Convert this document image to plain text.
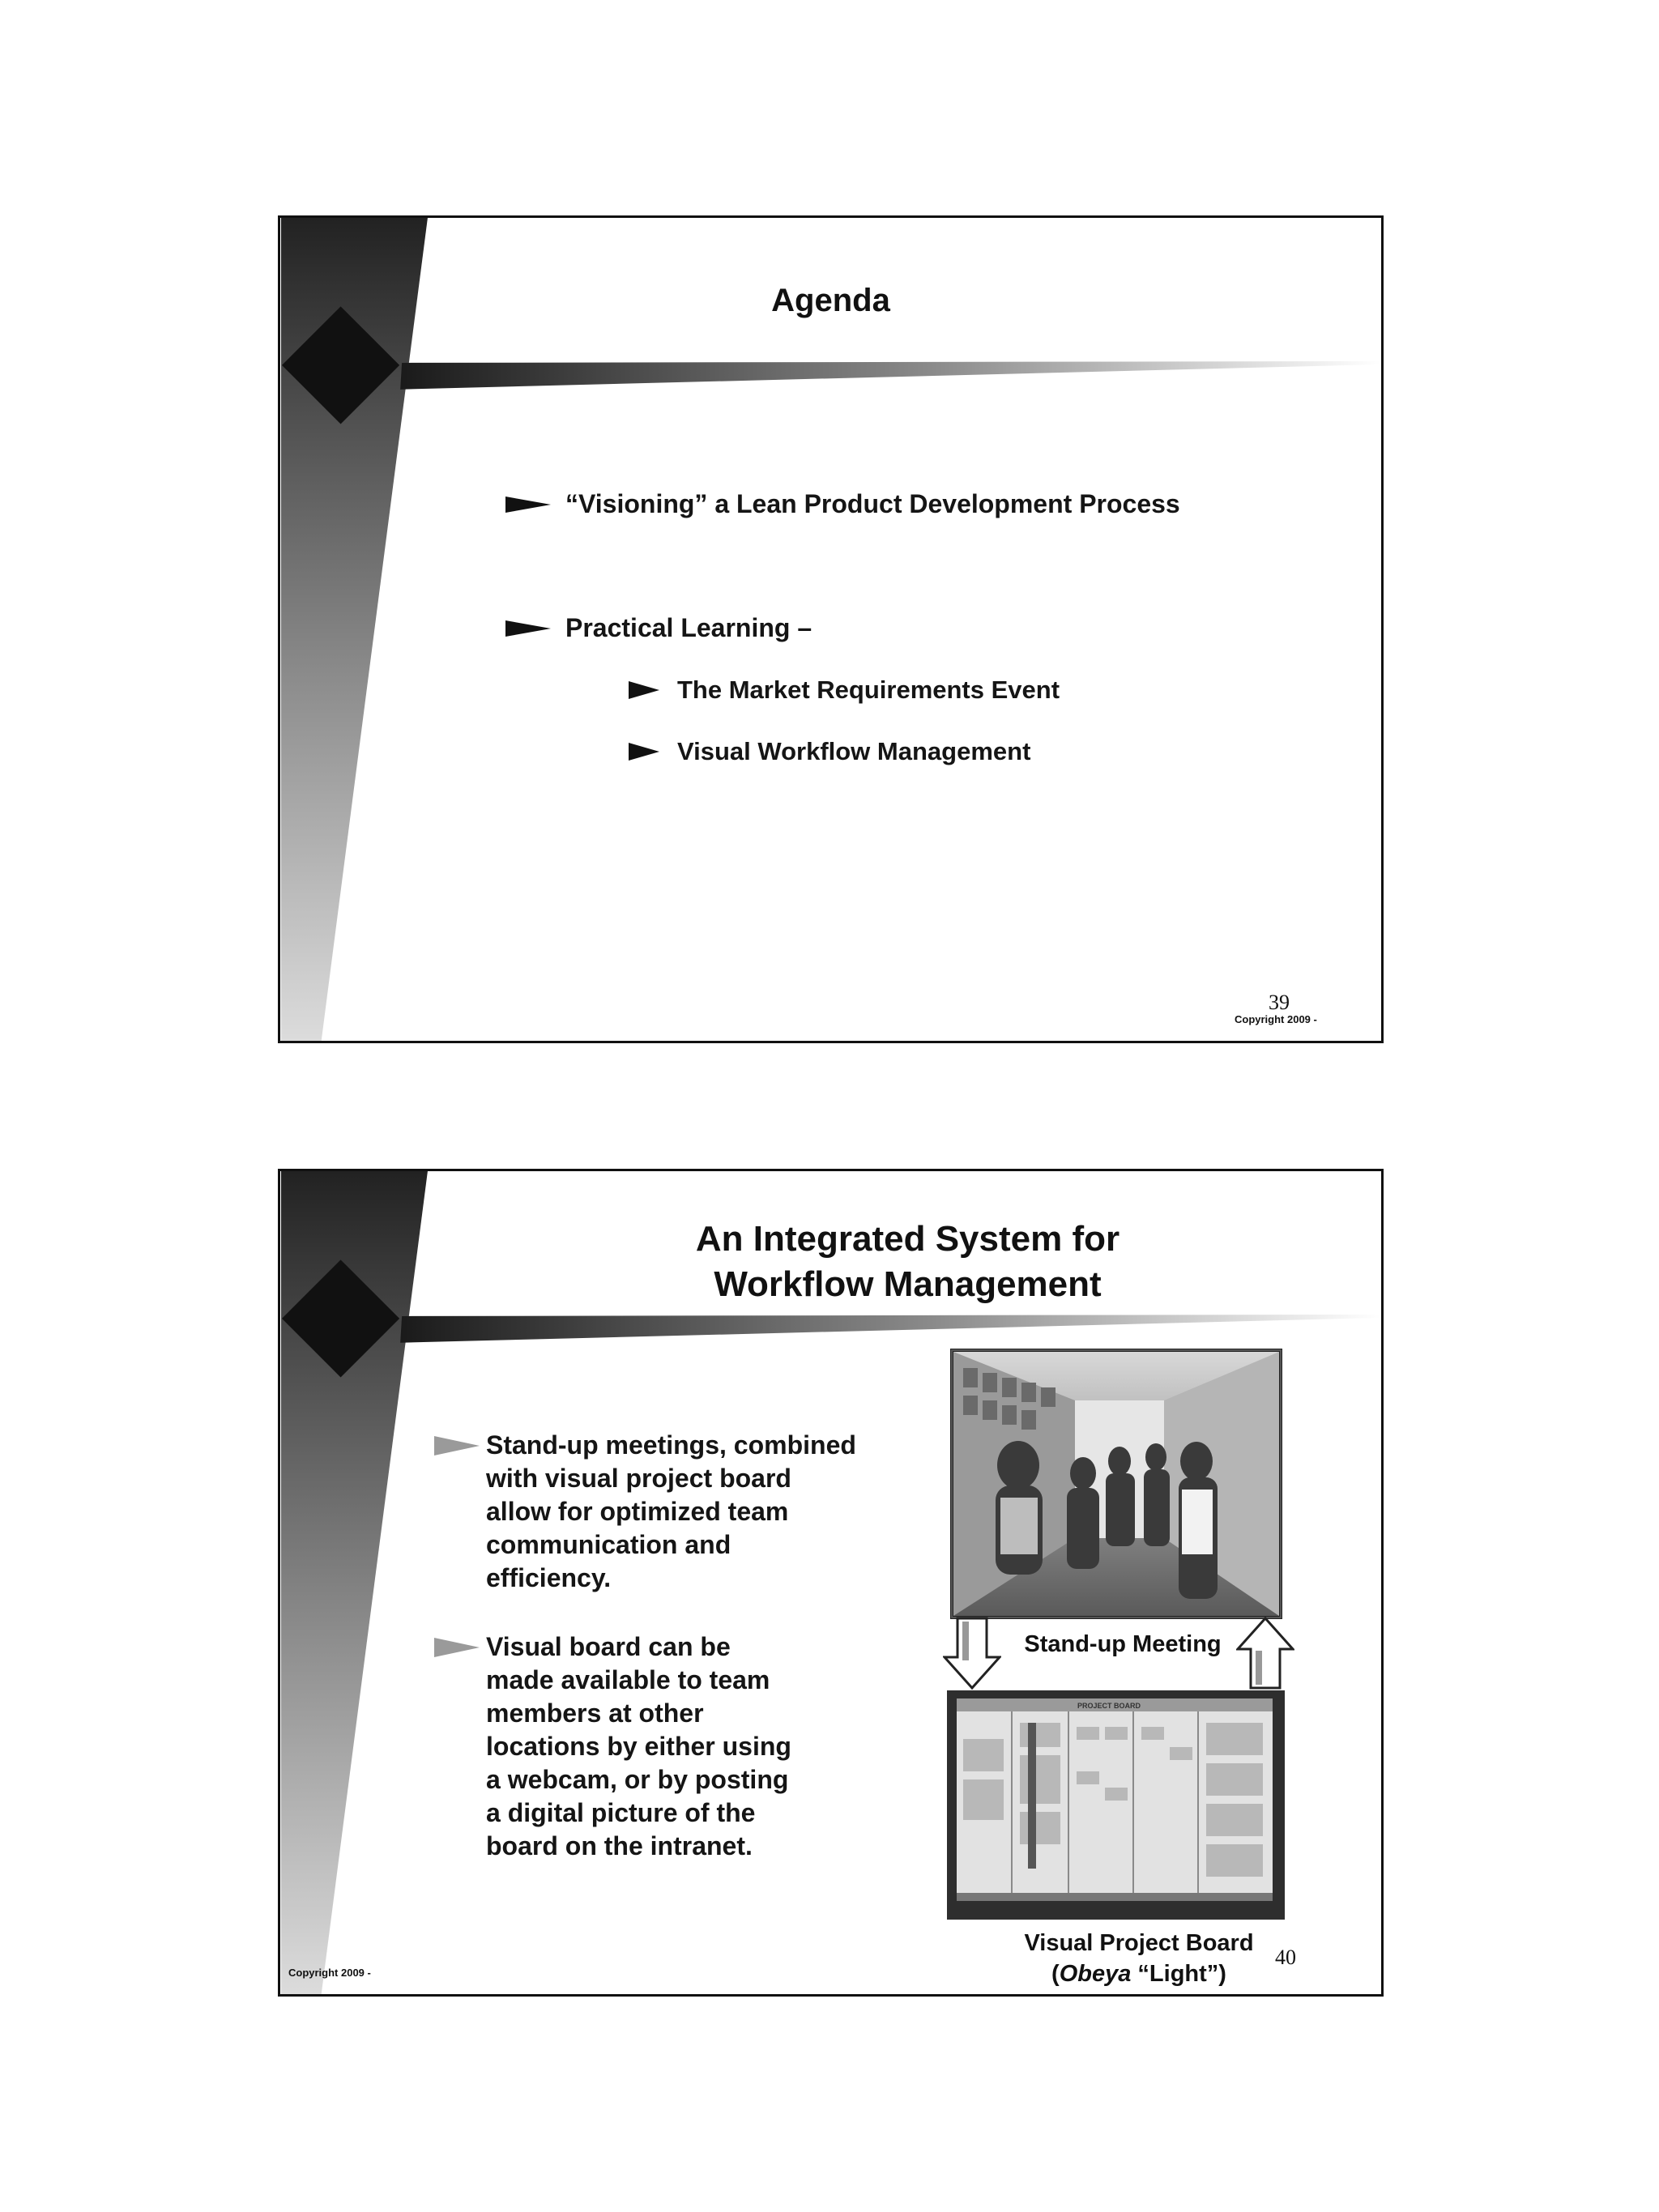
Agenda
“Visioning” a Lean Product Development Process
Practical Learning –
The Market Requirements Event
Visual Workflow Management
39
Copyright 2009 -
An Integrated System for
Workflow Management
Stand-up meetings, combined
with visual project board
allow for optimized team
communication and
efficiency.
Visual board can be
made available to team
members at other
locations by either using
a webcam, or by posting
a digital picture of the
board on the intranet.
Stand-up Meeting
PROJECT BOARD
Visual Project Board
(Obeya “Light”)
40
Copyright 2009 -
